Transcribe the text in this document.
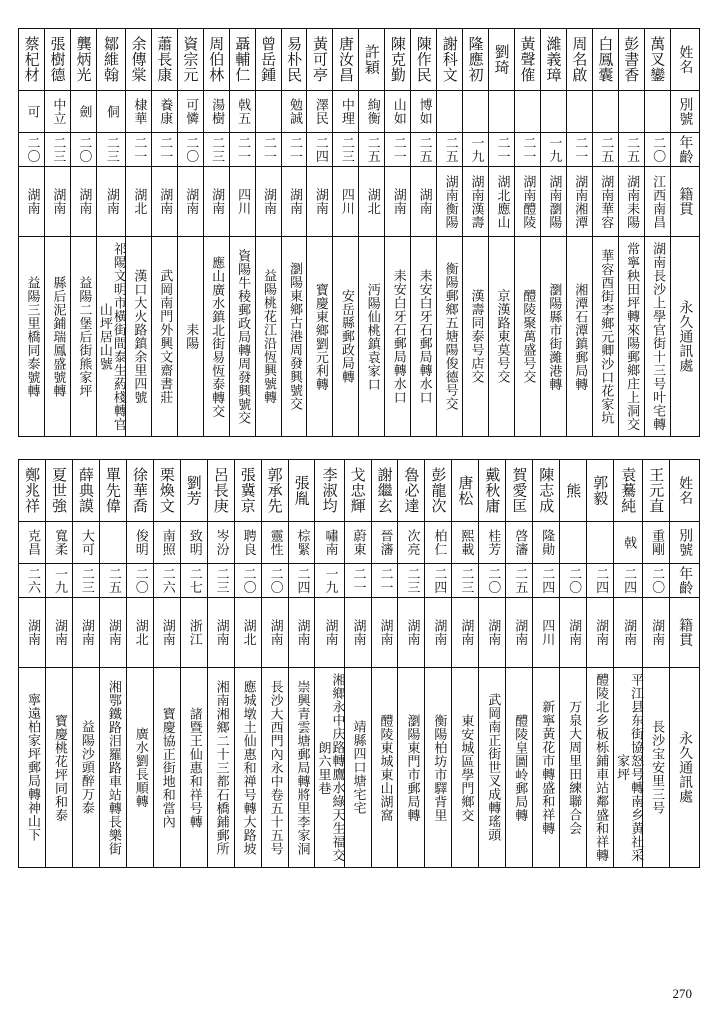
蔡杞材	張樹德	龔炳光	鄒維翰	余傳棠	蕭長康	資宗元	周伯林	聶輔仁	曾岳鍾	易朴民	黃可亭	唐汝昌	許穎	陳克勤	陳作民	謝科文	隆應初	劉琦	黃聲傕	濰義璋	周名啟	白鳳囊	彭書香	萬叉鑾	姓名

可	中立	劍	侗	棣華	養康	可憐	湯樹	戟五		勉誠	澤民	中理	絢衡	山如	博如										別號

二〇	二三	二〇	二三	二一	二一	二〇	二三	二一	二一	二一	二四	二三	二五	二一	二五	二五	一九	二一	二一	一九	二一	二五	二五	二〇	年齡

湖南	湖南	湖南	湖南	湖北	湖南	湖南	湖南	四川	湖南	湖南	湖南	四川	湖北	湖南	湖南	湖南衡陽	湖南漢壽	湖北應山	湖南醴陵	湖南瀏陽	湖南湘潭	湖南華容	湖南耒陽	江西南昌	籍貫

益陽三里橋同泰號轉	縣后泥鋪瑞鳳盛號轉	益陽二堡后街熊家坪	祁陽文明市橫街間泰生葯棧轉官山坪居山號	漢口大火路鎮余里四號	武岡南門外興文齋書莊	耒陽	應山廣水鎮北街易恆泰轉交	資陽牛稜郵政局轉周發興號交	益陽桃花江沿恆興號轉	瀏陽東鄉古港周發興號交	寶慶東鄉劉元利轉	安岳縣郵政局轉	沔陽仙桃鎮袁家口	耒安白牙石郵局轉水口	耒安白牙石郵局轉水口	衡陽郵鄉五塘陽俊德号交	漢壽同泰号店交	京漢路東莫号交	醴陵聚萬盛号交	瀏陽縣市街濰港轉	湘潭石潭鎮郵局轉	華容酉街李鄉元卿沙口花家坑	常寧秧田坪轉來陽郵鄉庄上洞交	湖南長沙上學官街十三号叶宅轉	永久通訊處
鄭兆祥	夏世強	薛典謨	單先偉	徐華喬	栗煥文	劉芳	呂長庚	張冀京	郭承先	張胤	李淑均	戈忠輝	謝繼玄	魯必達	彭龍次	唐松	戴秋庸	賀愛匡	陳志成	熊	郭毅	袁驀純	王元直	姓名

克昌	寬柔	大可		俊明	南照	致明	岑汾	聘良	靈性	棕緊	嘯南	蔚東	晉瀋	次亮	柏仁	熙載	桂芳	啓瀋	隆勛			戟	重剛	別號

二六	一九	二三	二五	二〇	二六	二七	二三	二〇	二〇	二四	一九	二一	二一	二三	二四	二三	二〇	二五	二四	二〇	二四	二四	二〇	年齡

湖南	湖南	湖南	湖南	湖北	湖南	浙江	湖南	湖北	湖南	湖南	湖南	湖南	湖南	湖南	湖南	湖南	湖南	湖南	四川	湖南	湖南	湖南	湖南	籍貫

寧遠柏家坪郵局轉神山下	寶慶桃花坪同和泰	益陽沙頭醉万泰	湘鄂鐵路泪羅路車站轉長樂街	廣水劉長順轉	寶慶協正街地和當內	諸暨王仙惠和祥号轉	湘南湘鄉二十三都石橋鋪郵所	應城墩土仙惠和禅号轉大路坡	長沙大西門內永中卷五十五号	崇興青雲塘郵局轉將里李家洞	湘鄉永中庆路轉鷹水綠天生福交朗六里巷	靖縣四口塘宅宅	醴陵東城東山湖窩	瀏陽東門市郵局轉	衡陽柏坊市驛背里	東安城區學門鄉交	武岡南正街世叉成轉瑤頭	醴陵皇圖岭郵局轉	新寧黃花市轉盛和祥轉	万泉大周里田練聯合会	醴陵北乡板栎鋪車站鄰盛和祥轉	平江县东街協怒号轉南乡黄社采家坪	長沙宝安里三号	永久通訊處
270
